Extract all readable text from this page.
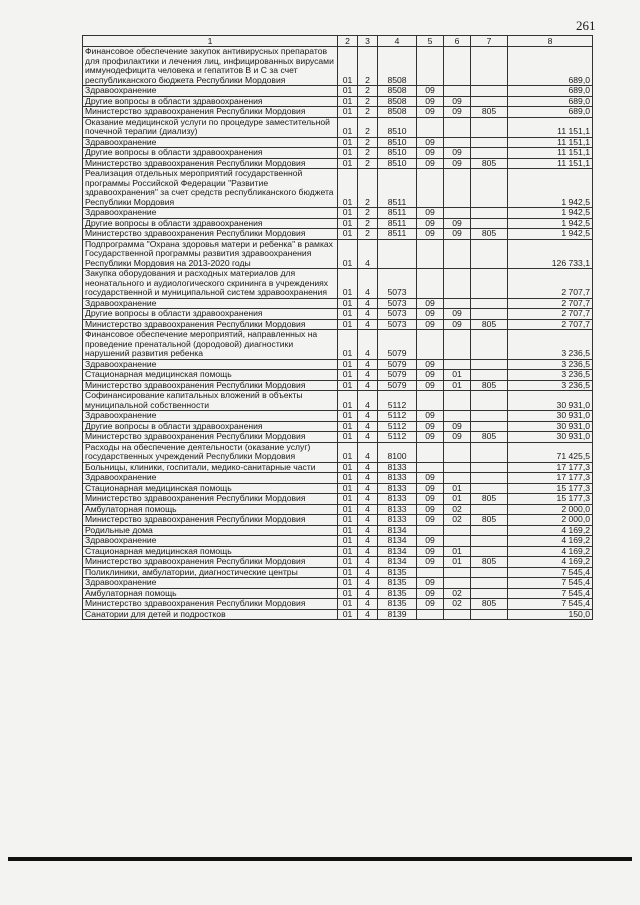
261
1	2	3	4	5	6	7	8
Финансовое обеспечение закупок антивирусных препаратов для профилактики и лечения лиц, инфицированных вирусами иммунодефицита человека и гепатитов В и С за счет республиканского бюджета Республики Мордовия	01	2	8508				689,0
Здравоохранение	01	2	8508	09			689,0
Другие вопросы в области здравоохранения	01	2	8508	09	09		689,0
Министерство здравоохранения Республики Мордовия	01	2	8508	09	09	805	689,0
Оказание медицинской услуги по процедуре заместительной почечной терапии (диализу)	01	2	8510				11 151,1
Здравоохранение	01	2	8510	09			11 151,1
Другие вопросы в области здравоохранения	01	2	8510	09	09		11 151,1
Министерство здравоохранения Республики Мордовия	01	2	8510	09	09	805	11 151,1
Реализация отдельных мероприятий государственной программы Российской Федерации "Развитие здравоохранения" за счет средств республиканского бюджета Республики Мордовия	01	2	8511				1 942,5
Здравоохранение	01	2	8511	09			1 942,5
Другие вопросы в области здравоохранения	01	2	8511	09	09		1 942,5
Министерство здравоохранения Республики Мордовия	01	2	8511	09	09	805	1 942,5
Подпрограмма "Охрана здоровья матери и ребенка" в рамках Государственной программы развития здравоохранения Республики Мордовия на 2013-2020 годы	01	4					126 733,1
Закупка оборудования и расходных материалов для неонатального и аудиологического скрининга в учреждениях государственной и муниципальной систем здравоохранения	01	4	5073				2 707,7
Здравоохранение	01	4	5073	09			2 707,7
Другие вопросы в области здравоохранения	01	4	5073	09	09		2 707,7
Министерство здравоохранения Республики Мордовия	01	4	5073	09	09	805	2 707,7
Финансовое обеспечение мероприятий, направленных на проведение пренатальной (дородовой) диагностики нарушений развития ребенка	01	4	5079				3 236,5
Здравоохранение	01	4	5079	09			3 236,5
Стационарная медицинская помощь	01	4	5079	09	01		3 236,5
Министерство здравоохранения Республики Мордовия	01	4	5079	09	01	805	3 236,5
Софинансирование капитальных вложений в объекты муниципальной собственности	01	4	5112				30 931,0
Здравоохранение	01	4	5112	09			30 931,0
Другие вопросы в области здравоохранения	01	4	5112	09	09		30 931,0
Министерство здравоохранения Республики Мордовия	01	4	5112	09	09	805	30 931,0
Расходы на обеспечение деятельности (оказание услуг) государственных учреждений Республики Мордовия	01	4	8100				71 425,5
Больницы, клиники, госпитали, медико-санитарные части	01	4	8133				17 177,3
Здравоохранение	01	4	8133	09			17 177,3
Стационарная медицинская помощь	01	4	8133	09	01		15 177,3
Министерство здравоохранения Республики Мордовия	01	4	8133	09	01	805	15 177,3
Амбулаторная помощь	01	4	8133	09	02		2 000,0
Министерство здравоохранения Республики Мордовия	01	4	8133	09	02	805	2 000,0
Родильные дома	01	4	8134				4 169,2
Здравоохранение	01	4	8134	09			4 169,2
Стационарная медицинская помощь	01	4	8134	09	01		4 169,2
Министерство здравоохранения Республики Мордовия	01	4	8134	09	01	805	4 169,2
Поликлиники, амбулатории, диагностические центры	01	4	8135				7 545,4
Здравоохранение	01	4	8135	09			7 545,4
Амбулаторная помощь	01	4	8135	09	02		7 545,4
Министерство здравоохранения Республики Мордовия	01	4	8135	09	02	805	7 545,4
Санатории для детей и подростков	01	4	8139				150,0
